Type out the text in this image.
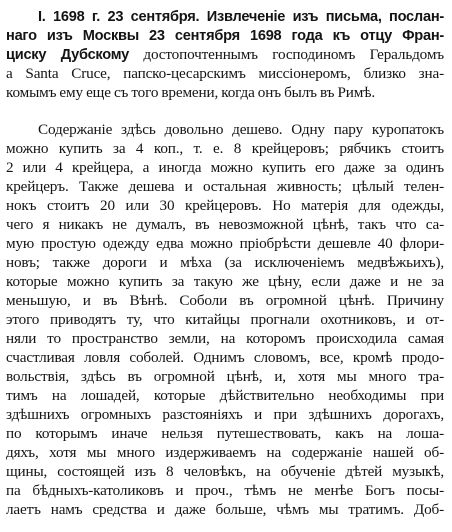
I. 1698 г. 23 сентября. Извлеченіе изъ письма, послан-
наго изъ Москвы 23 сентября 1698 года къ отцу Фран-
циску Дубскому достопочтеннымъ господиномъ Геральдомъ
a Santa Cruce, папско-цесарскимъ миссіонеромъ, близко зна-
комымъ ему еще съ того времени, когда онъ былъ въ Римѣ.
Содержаніе здѣсь довольно дешево. Одну пару куропатокъ
можно купить за 4 коп., т. е. 8 крейцеровъ; рябчикъ стоитъ
2 или 4 крейцера, а иногда можно купить его даже за одинъ
крейцеръ. Также дешева и остальная живность; цѣлый телен-
нокъ стоитъ 20 или 30 крейцеровъ. Но матерія для одежды,
чего я никакъ не думалъ, въ невозможной цѣнѣ, такъ что са-
мую простую одежду едва можно пріобрѣсти дешевле 40 флори-
новъ; также дороги и мѣха (за исключеніемъ медвѣжьихъ),
которые можно купить за такую же цѣну, если даже и не за
меньшую, и въ Вѣнѣ. Соболи въ огромной цѣнѣ. Причину
этого приводятъ ту, что китайцы прогнали охотниковъ, и от-
няли то пространство земли, на которомъ происходила самая
счастливая ловля соболей. Однимъ словомъ, все, кромѣ продо-
вольствія, здѣсь въ огромной цѣнѣ, и, хотя мы много тра-
тимъ на лошадей, которые дѣйствительно необходимы при
здѣшнихъ огромныхъ разстояніяхъ и при здѣшнихъ дорогахъ,
по которымъ иначе нельзя путешествовать, какъ на лоша-
дяхъ, хотя мы много издерживаемъ на содержаніе нашей об-
щины, состоящей изъ 8 человѣкъ, на обученіе дѣтей музыкѣ,
па бѣдныхъ-католиковъ и проч., тѣмъ не менѣе Богъ посы-
лаетъ намъ средства и даже больше, чѣмъ мы тратимъ. Доб-
